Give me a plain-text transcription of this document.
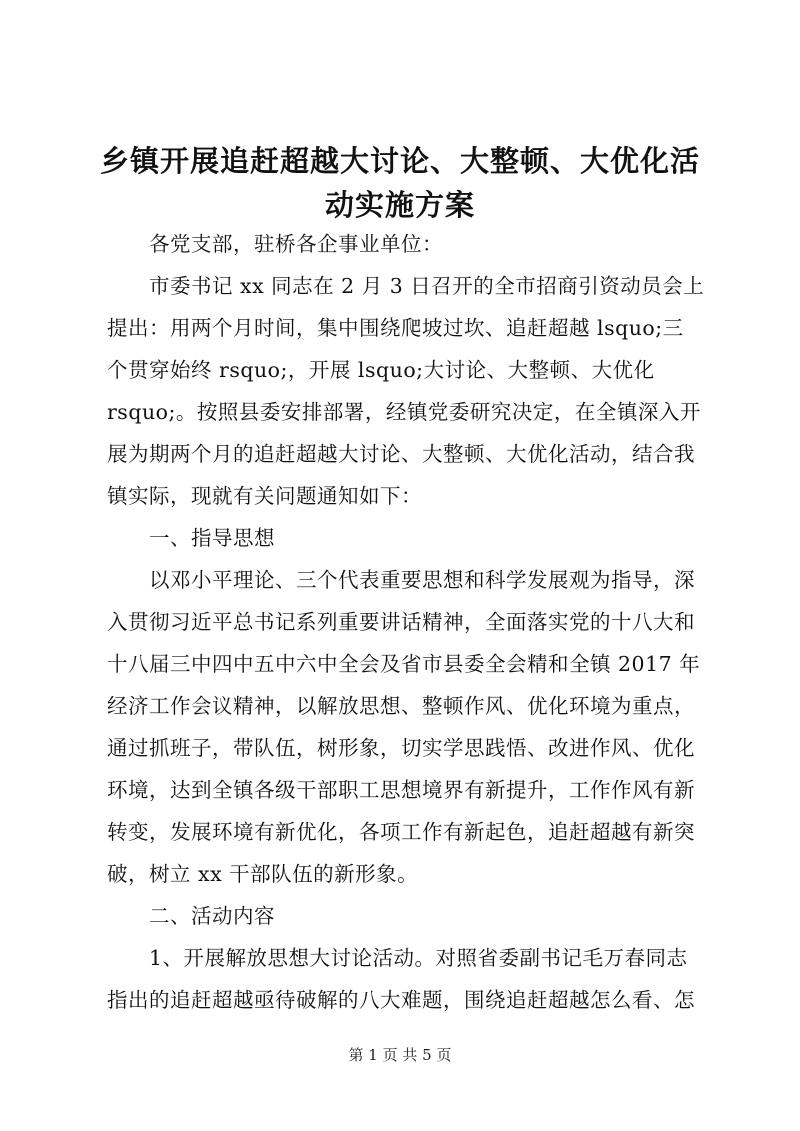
乡镇开展追赶超越大讨论、大整顿、大优化活
动实施方案
各党支部，驻桥各企事业单位：
市委书记 xx 同志在 2 月 3 日召开的全市招商引资动员会上
提出：用两个月时间，集中围绕爬坡过坎、追赶超越 lsquo;三
个贯穿始终 rsquo;，开展 lsquo;大讨论、大整顿、大优化
rsquo;。按照县委安排部署，经镇党委研究决定，在全镇深入开
展为期两个月的追赶超越大讨论、大整顿、大优化活动，结合我
镇实际，现就有关问题通知如下：
一、指导思想
以邓小平理论、三个代表重要思想和科学发展观为指导，深
入贯彻习近平总书记系列重要讲话精神，全面落实党的十八大和
十八届三中四中五中六中全会及省市县委全会精和全镇 2017 年
经济工作会议精神，以解放思想、整顿作风、优化环境为重点，
通过抓班子，带队伍，树形象，切实学思践悟、改进作风、优化
环境，达到全镇各级干部职工思想境界有新提升，工作作风有新
转变，发展环境有新优化，各项工作有新起色，追赶超越有新突
破，树立 xx 干部队伍的新形象。
二、活动内容
1、开展解放思想大讨论活动。对照省委副书记毛万春同志
指出的追赶超越亟待破解的八大难题，围绕追赶超越怎么看、怎
第 1 页 共 5 页
